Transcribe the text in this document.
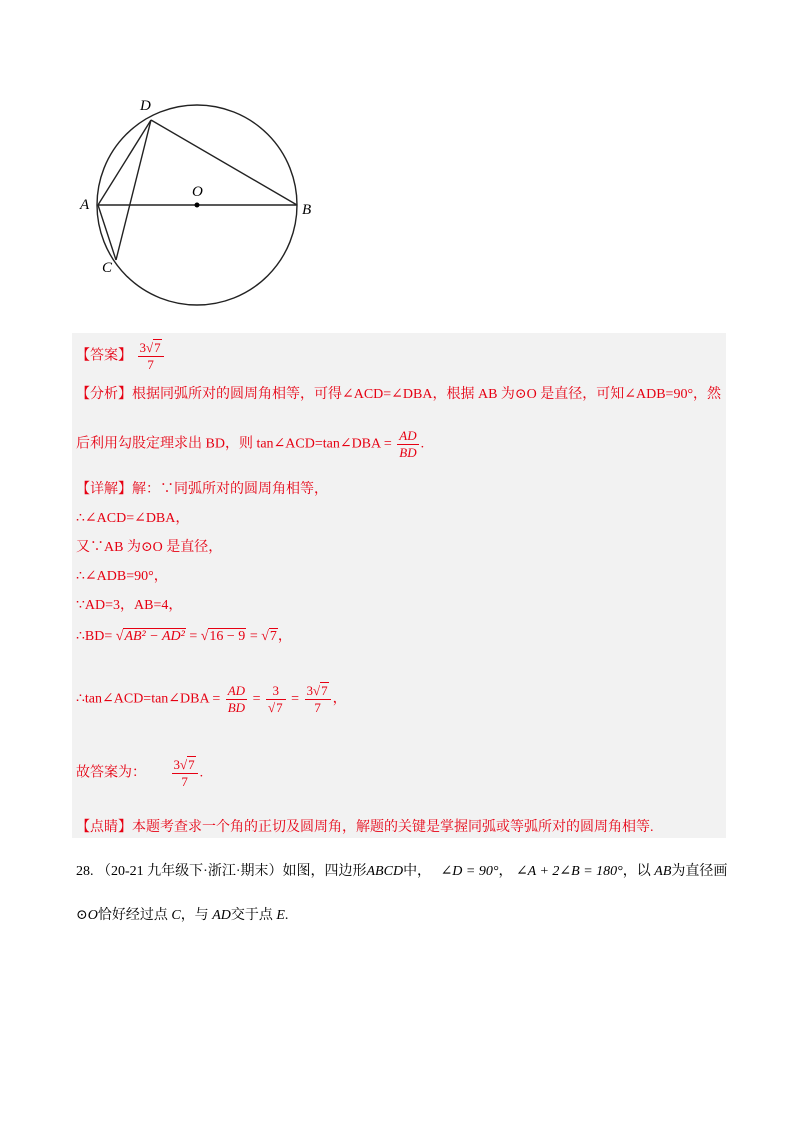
D
A
O
B
C
【答案】 $\frac{3√7}{7}$
【分析】根据同弧所对的圆周角相等，可得∠ACD=∠DBA，根据 AB 为⊙O 是直径，可知∠ADB=90°，然
后利用勾股定理求出 BD，则 tan∠ACD=tan∠DBA = $\frac{AD}{BD}$ .
【详解】解：∵同弧所对的圆周角相等，
∴∠ACD=∠DBA，
又∵AB 为⊙O 是直径，
∴∠ADB=90°，
∵AD=3，AB=4，
∴BD= √AB² − AD² = √16 − 9 = √7，
∴tan∠ACD=tan∠DBA = $\frac{AD}{BD} = \frac{3}{√7} = \frac{3√7}{7}$ ，
故答案为： $\frac{3√7}{7}$ .
【点睛】本题考查求一个角的正切及圆周角，解题的关键是掌握同弧或等弧所对的圆周角相等.
28. （20-21 九年级下·浙江·期末）如图，四边形ABCD中， ∠D = 90°， ∠A + 2∠B = 180°，以 AB为直径画
⊙O恰好经过点 C，与 AD交于点 E.
